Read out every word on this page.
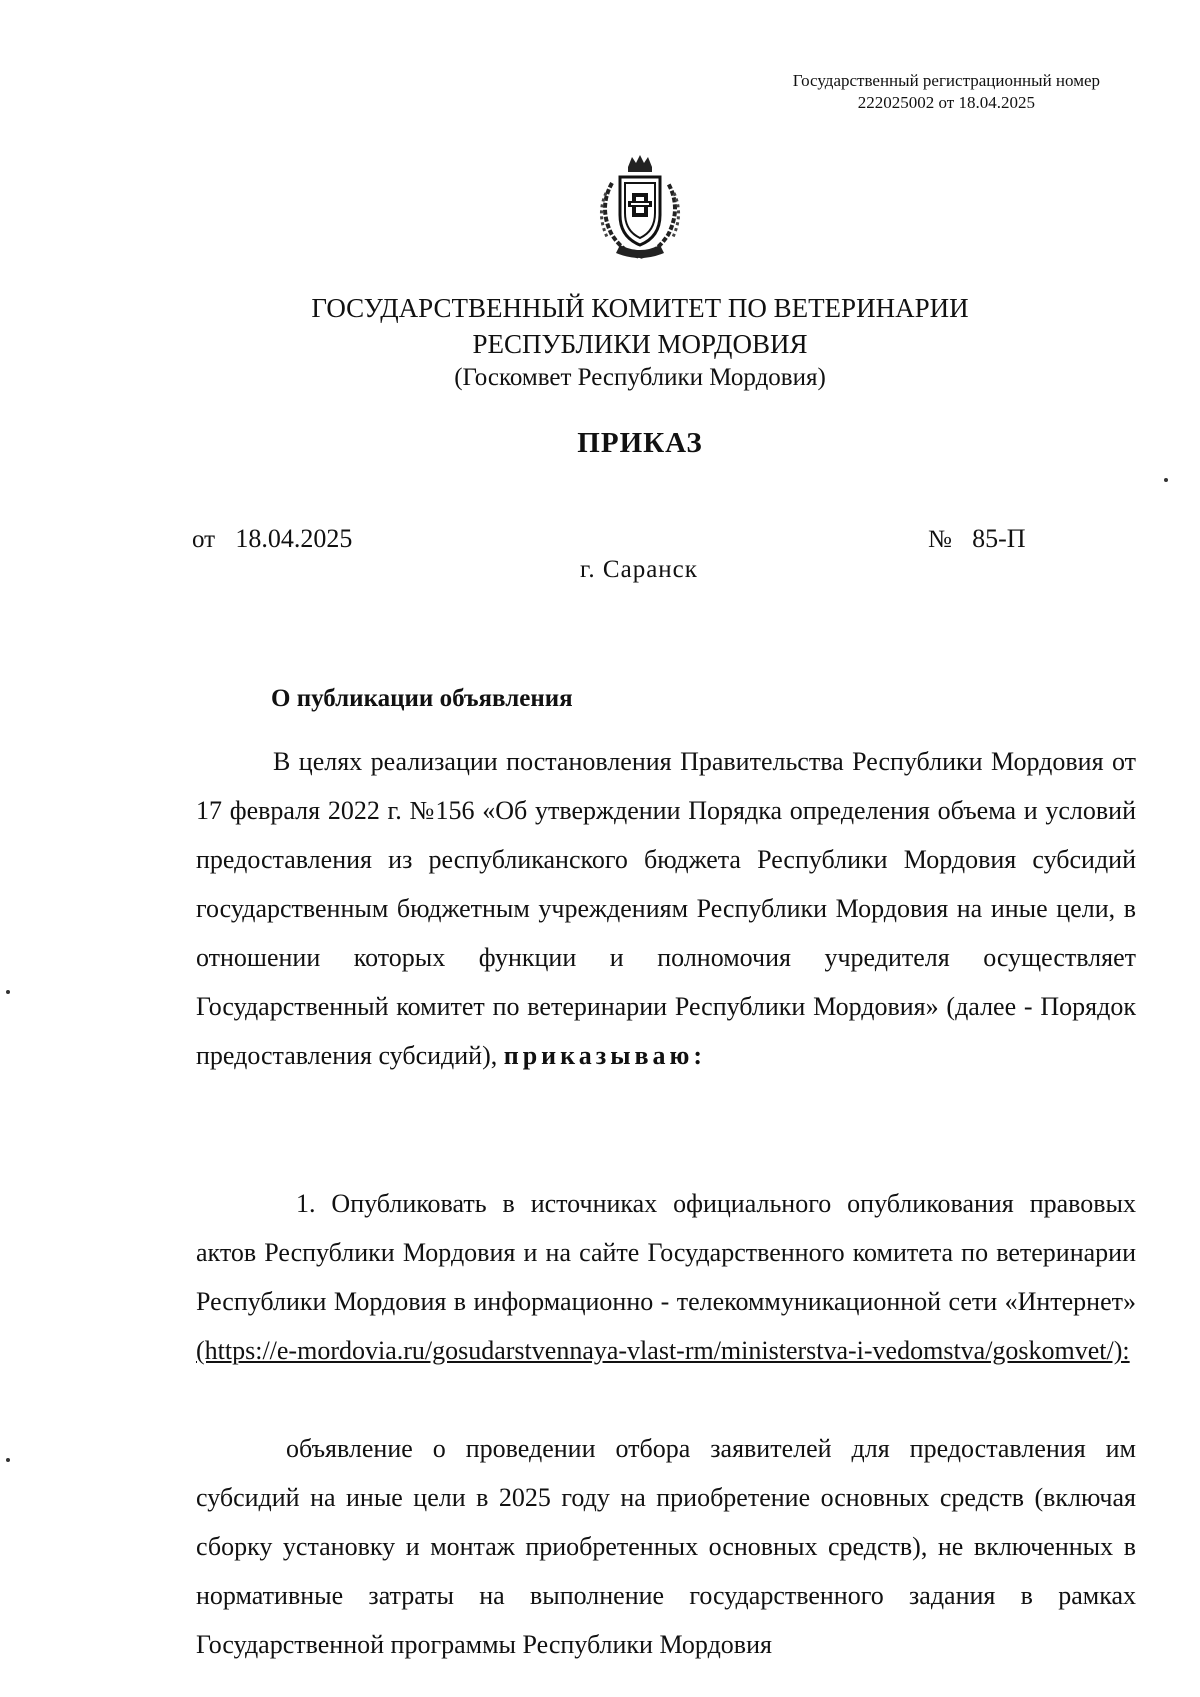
Государственный регистрационный номер
222025002 от 18.04.2025
ГОСУДАРСТВЕННЫЙ КОМИТЕТ ПО ВЕТЕРИНАРИИ
РЕСПУБЛИКИ МОРДОВИЯ
(Госкомвет Республики Мордовия)
ПРИКАЗ
от 18.04.2025	№ 85-П
г. Саранск
О публикации объявления

В целях реализации постановления Правительства Республики Мордовия от 17 февраля 2022 г. №156 «Об утверждении Порядка определения объема и условий предоставления из республиканского бюджета Республики Мордовия субсидий государственным бюджетным учреждениям Республики Мордовия на иные цели, в отношении которых функции и полномочия учредителя осуществляет Государственный комитет по ветеринарии Республики Мордовия» (далее - Порядок предоставления субсидий), приказываю:

1. Опубликовать в источниках официального опубликования правовых актов Республики Мордовия и на сайте Государственного комитета по ветеринарии Республики Мордовия в информационно - телекоммуникационной сети «Интернет» (https://e-mordovia.ru/gosudarstvennaya-vlast-rm/ministerstva-i-vedomstva/goskomvet/):

объявление о проведении отбора заявителей для предоставления им субсидий на иные цели в 2025 году на приобретение основных средств (включая сборку установку и монтаж приобретенных основных средств), не включенных в нормативные затраты на выполнение государственного задания в рамках Государственной программы Республики Мордовия
